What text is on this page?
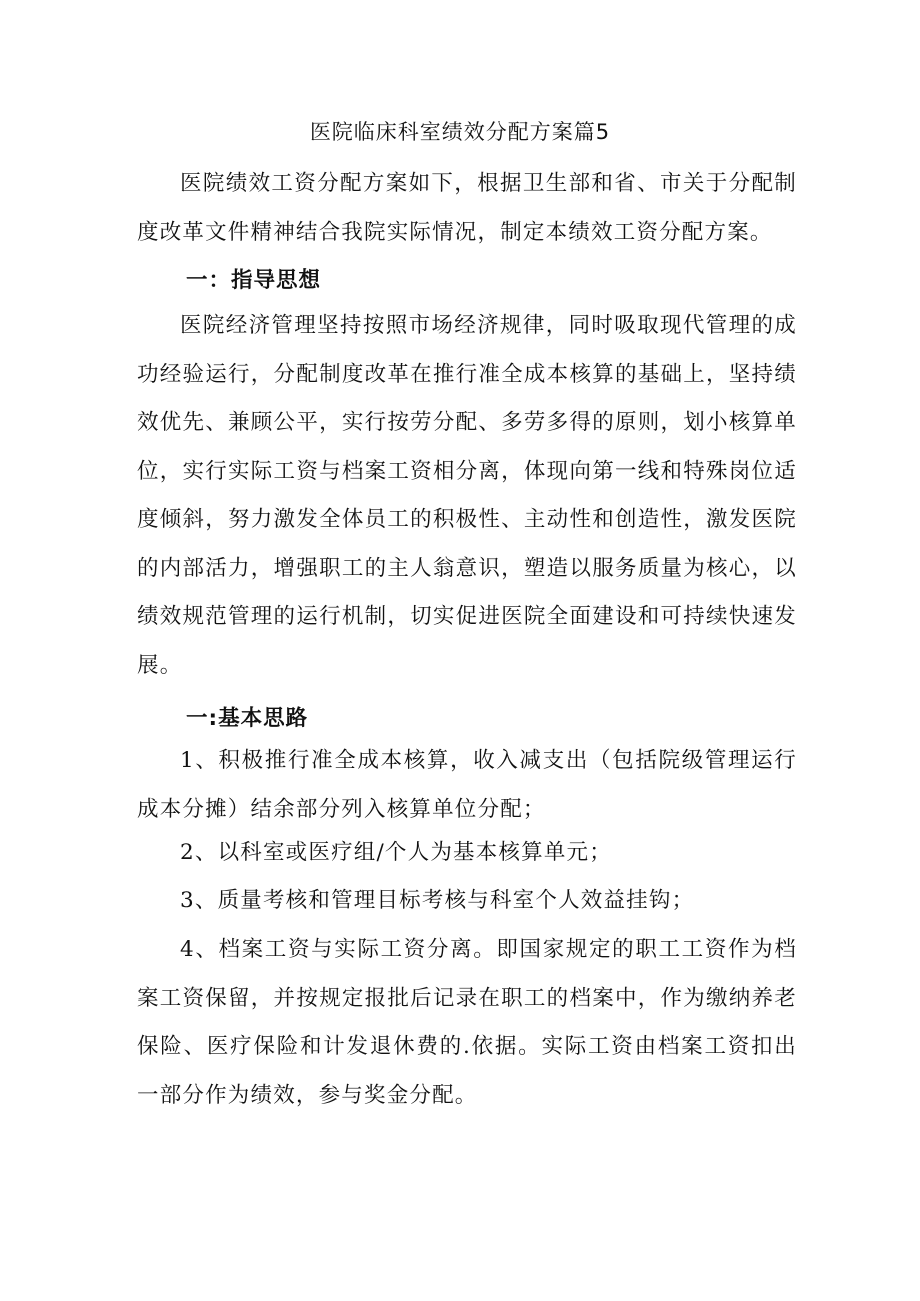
医院临床科室绩效分配方案篇5

医院绩效工资分配方案如下，根据卫生部和省、市关于分配制度改革文件精神结合我院实际情况，制定本绩效工资分配方案。

一：指导思想

医院经济管理坚持按照市场经济规律，同时吸取现代管理的成功经验运行，分配制度改革在推行准全成本核算的基础上，坚持绩效优先、兼顾公平，实行按劳分配、多劳多得的原则，划小核算单位，实行实际工资与档案工资相分离，体现向第一线和特殊岗位适度倾斜，努力激发全体员工的积极性、主动性和创造性，激发医院的内部活力，增强职工的主人翁意识，塑造以服务质量为核心，以绩效规范管理的运行机制，切实促进医院全面建设和可持续快速发展。

一:基本思路

1、积极推行准全成本核算，收入减支出（包括院级管理运行成本分摊）结余部分列入核算单位分配；

2、以科室或医疗组/个人为基本核算单元；

3、质量考核和管理目标考核与科室个人效益挂钩；

4、档案工资与实际工资分离。即国家规定的职工工资作为档案工资保留，并按规定报批后记录在职工的档案中，作为缴纳养老保险、医疗保险和计发退休费的.依据。实际工资由档案工资扣出一部分作为绩效，参与奖金分配。
